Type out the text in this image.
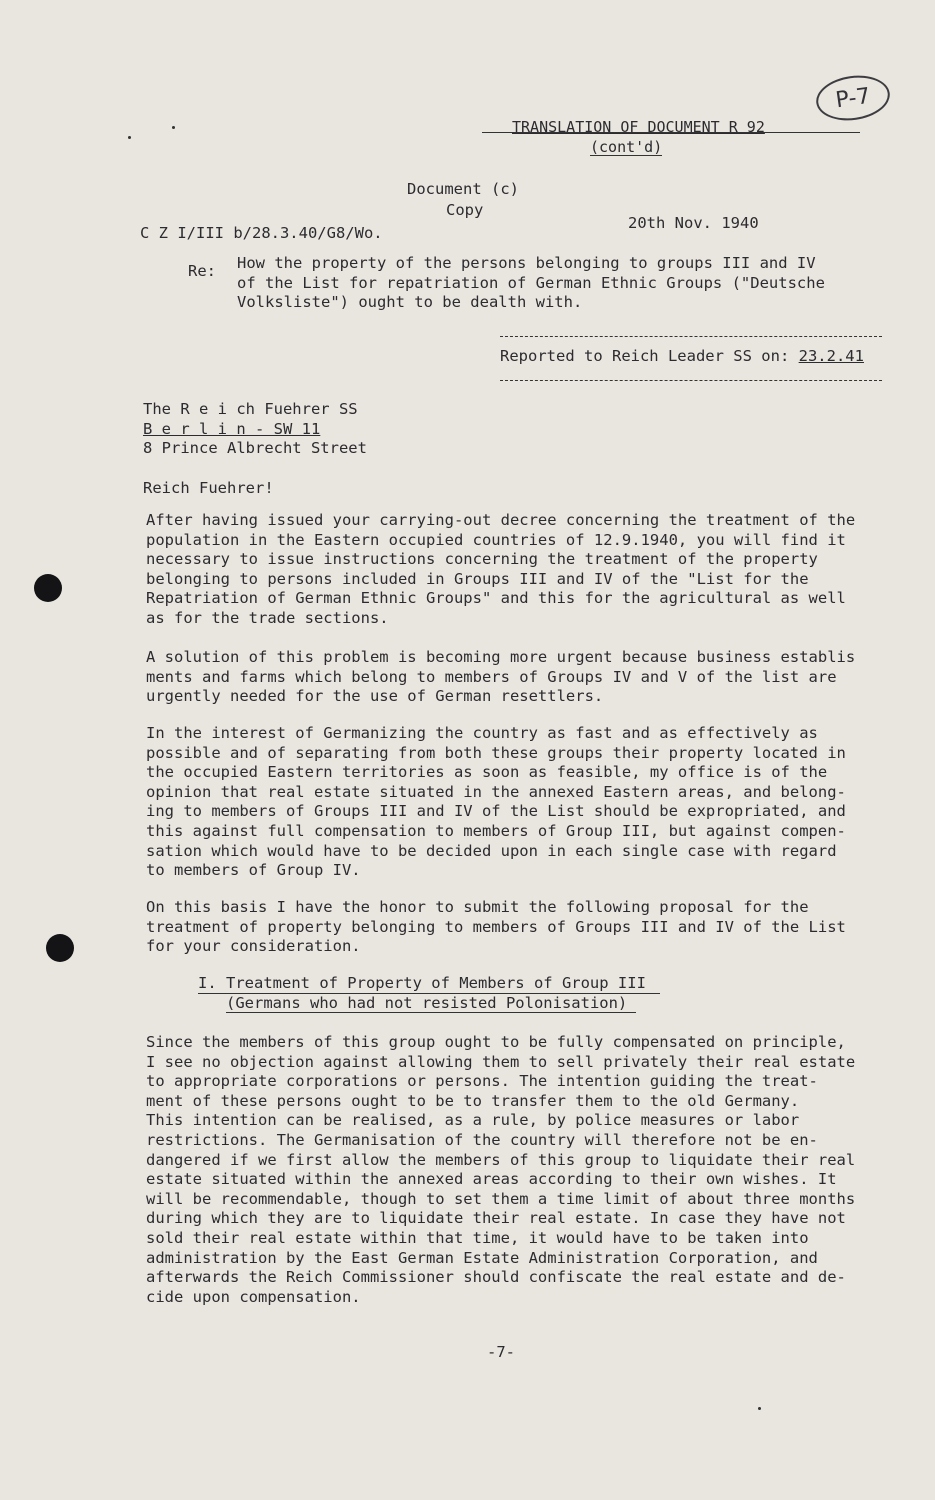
P-7
TRANSLATION OF DOCUMENT R 92
(cont'd)
Document (c)
Copy
C Z I/III b/28.3.40/G8/Wo.
20th Nov. 1940
Re: How the property of the persons belonging to groups III and IV
of the List for repatriation of German Ethnic Groups ("Deutsche
Volksliste") ought to be dealth with.
Reported to Reich Leader SS on: 23.2.41
The R e i ch Fuehrer SS
B e r l i n - SW 11
8 Prince Albrecht Street
Reich Fuehrer!
After having issued your carrying-out decree concerning the treatment of the
population in the Eastern occupied countries of 12.9.1940, you will find it
necessary to issue instructions concerning the treatment of the property
belonging to persons included in Groups III and IV of the "List for the
Repatriation of German Ethnic Groups" and this for the agricultural as well
as for the trade sections.
A solution of this problem is becoming more urgent because business establis
ments and farms which belong to members of Groups IV and V of the list are
urgently needed for the use of German resettlers.
In the interest of Germanizing the country as fast and as effectively as
possible and of separating from both these groups their property located in
the occupied Eastern territories as soon as feasible, my office is of the
opinion that real estate situated in the annexed Eastern areas, and belong-
ing to members of Groups III and IV of the List should be expropriated, and
this against full compensation to members of Group III, but against compen-
sation which would have to be decided upon in each single case with regard
to members of Group IV.
On this basis I have the honor to submit the following proposal for the
treatment of property belonging to members of Groups III and IV of the List
for your consideration.
I. Treatment of Property of Members of Group III
(Germans who had not resisted Polonisation)
Since the members of this group ought to be fully compensated on principle,
I see no objection against allowing them to sell privately their real estate
to appropriate corporations or persons. The intention guiding the treat-
ment of these persons ought to be to transfer them to the old Germany.
This intention can be realised, as a rule, by police measures or labor
restrictions. The Germanisation of the country will therefore not be en-
dangered if we first allow the members of this group to liquidate their real
estate situated within the annexed areas according to their own wishes. It
will be recommendable, though to set them a time limit of about three months
during which they are to liquidate their real estate. In case they have not
sold their real estate within that time, it would have to be taken into
administration by the East German Estate Administration Corporation, and
afterwards the Reich Commissioner should confiscate the real estate and de-
cide upon compensation.
-7-
